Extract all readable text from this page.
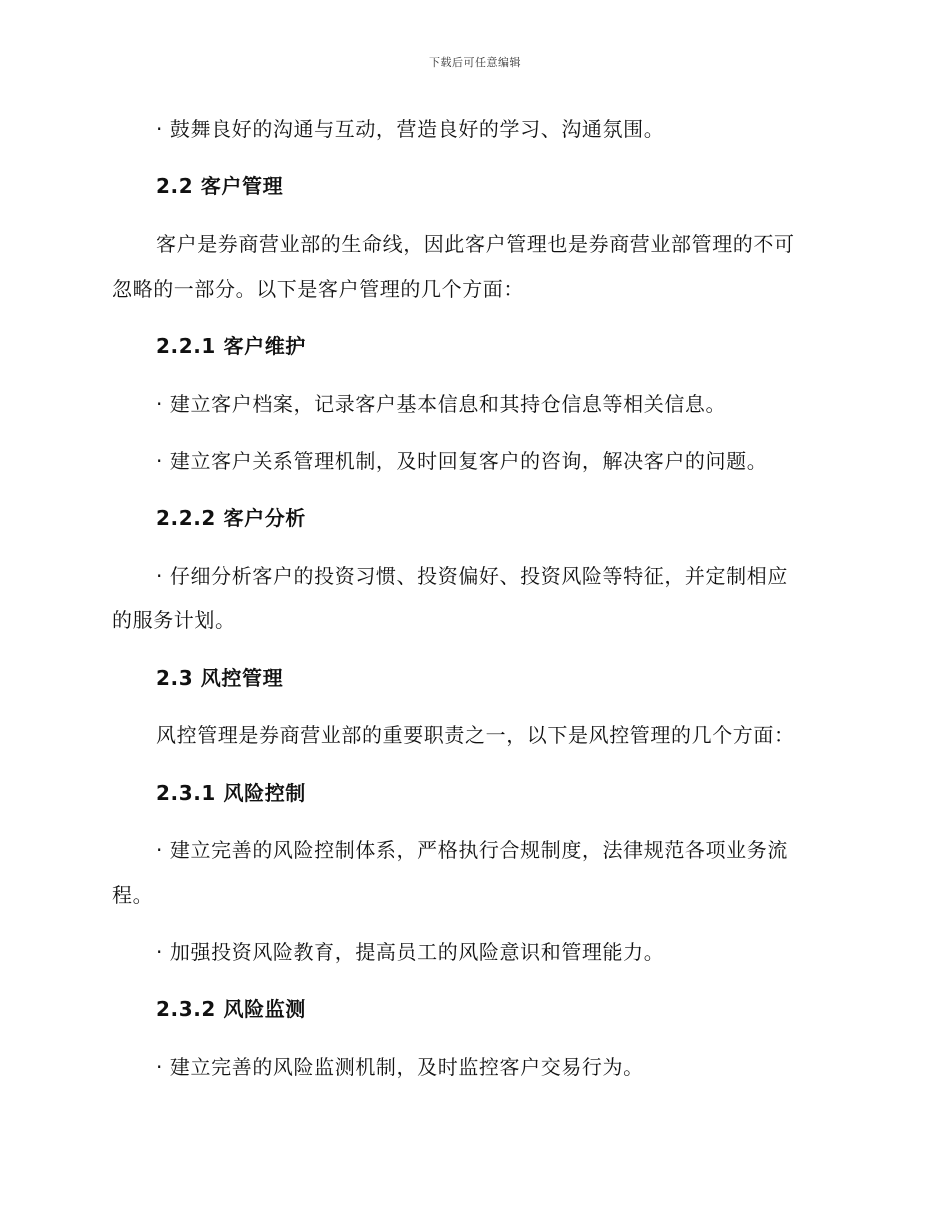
下载后可任意编辑
· 鼓舞良好的沟通与互动，营造良好的学习、沟通氛围。
2.2 客户管理
客户是券商营业部的生命线，因此客户管理也是券商营业部管理的不可
忽略的一部分。以下是客户管理的几个方面：
2.2.1 客户维护
· 建立客户档案，记录客户基本信息和其持仓信息等相关信息。
· 建立客户关系管理机制，及时回复客户的咨询，解决客户的问题。
2.2.2 客户分析
· 仔细分析客户的投资习惯、投资偏好、投资风险等特征，并定制相应
的服务计划。
2.3 风控管理
风控管理是券商营业部的重要职责之一，以下是风控管理的几个方面：
2.3.1 风险控制
· 建立完善的风险控制体系，严格执行合规制度，法律规范各项业务流
程。
· 加强投资风险教育，提高员工的风险意识和管理能力。
2.3.2 风险监测
· 建立完善的风险监测机制，及时监控客户交易行为。
